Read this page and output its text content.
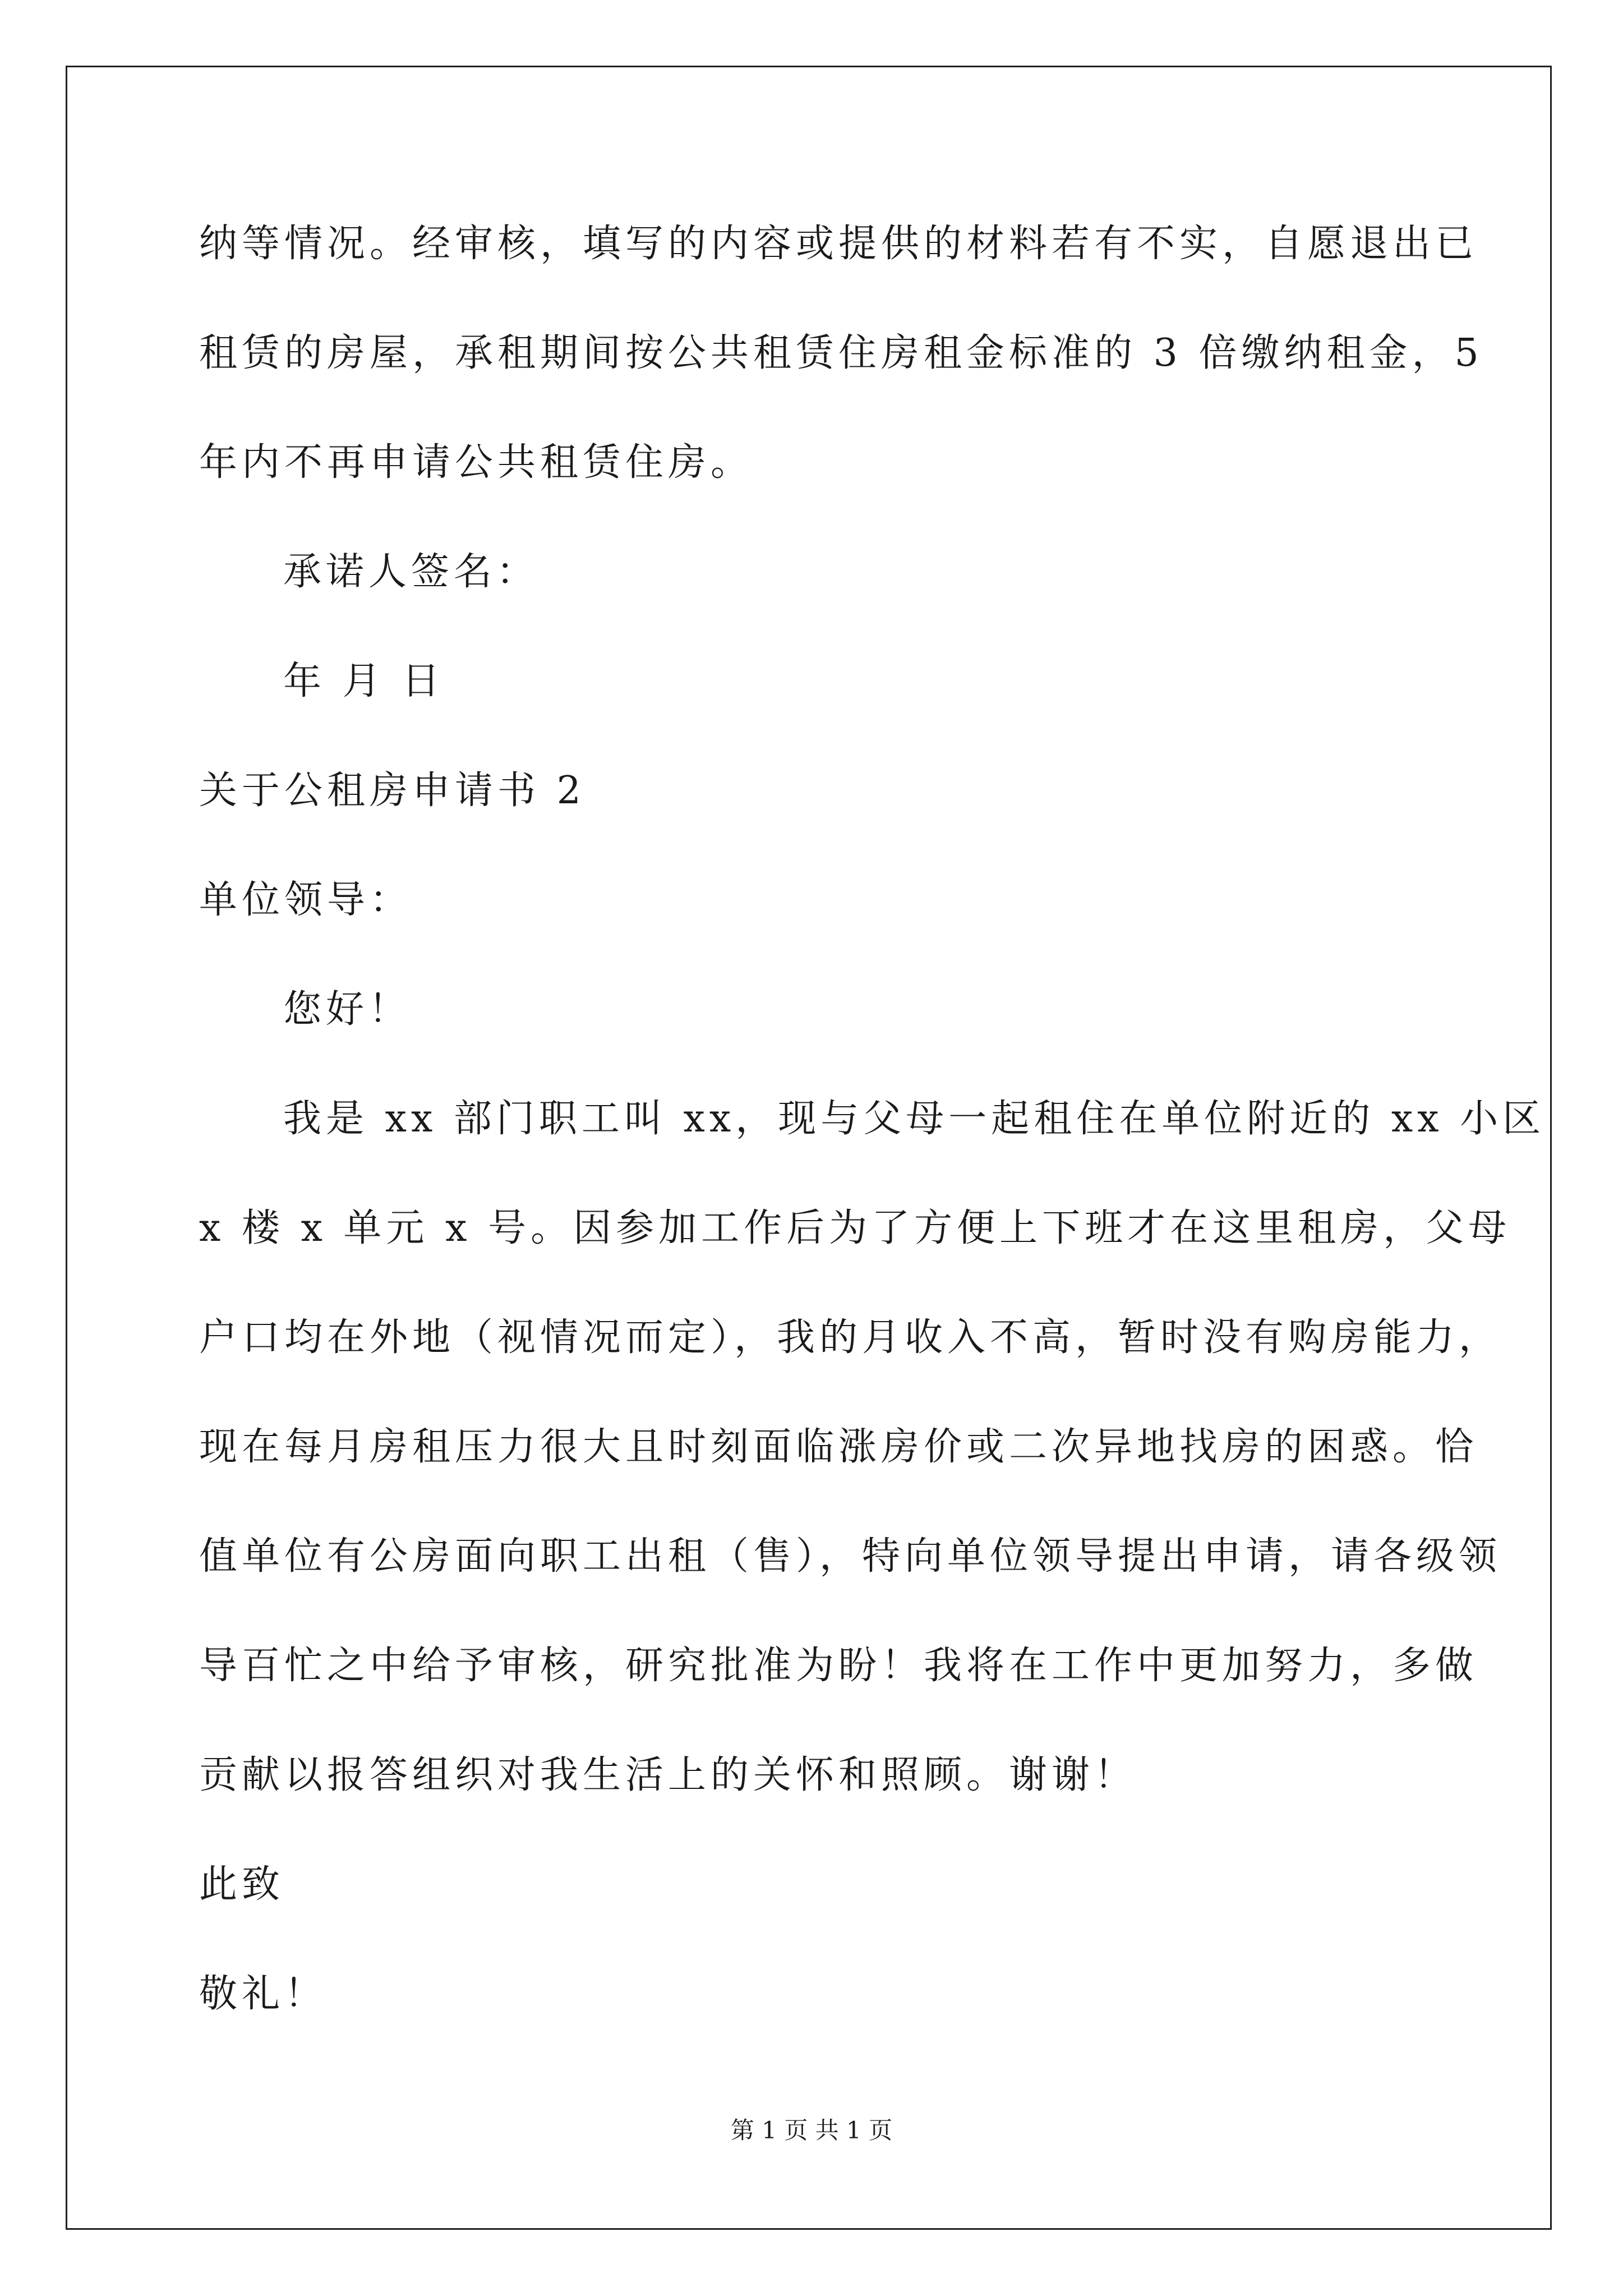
纳等情况。经审核，填写的内容或提供的材料若有不实，自愿退出已
租赁的房屋，承租期间按公共租赁住房租金标准的 3 倍缴纳租金，5
年内不再申请公共租赁住房。
承诺人签名：
年 月 日
关于公租房申请书 2
单位领导：
您好！
我是 xx 部门职工叫 xx，现与父母一起租住在单位附近的 xx 小区
x 楼 x 单元 x 号。因参加工作后为了方便上下班才在这里租房，父母
户口均在外地（视情况而定），我的月收入不高，暂时没有购房能力，
现在每月房租压力很大且时刻面临涨房价或二次异地找房的困惑。恰
值单位有公房面向职工出租（售），特向单位领导提出申请，请各级领
导百忙之中给予审核，研究批准为盼！我将在工作中更加努力，多做
贡献以报答组织对我生活上的关怀和照顾。谢谢！
此致
敬礼！
第 1 页 共 1 页
